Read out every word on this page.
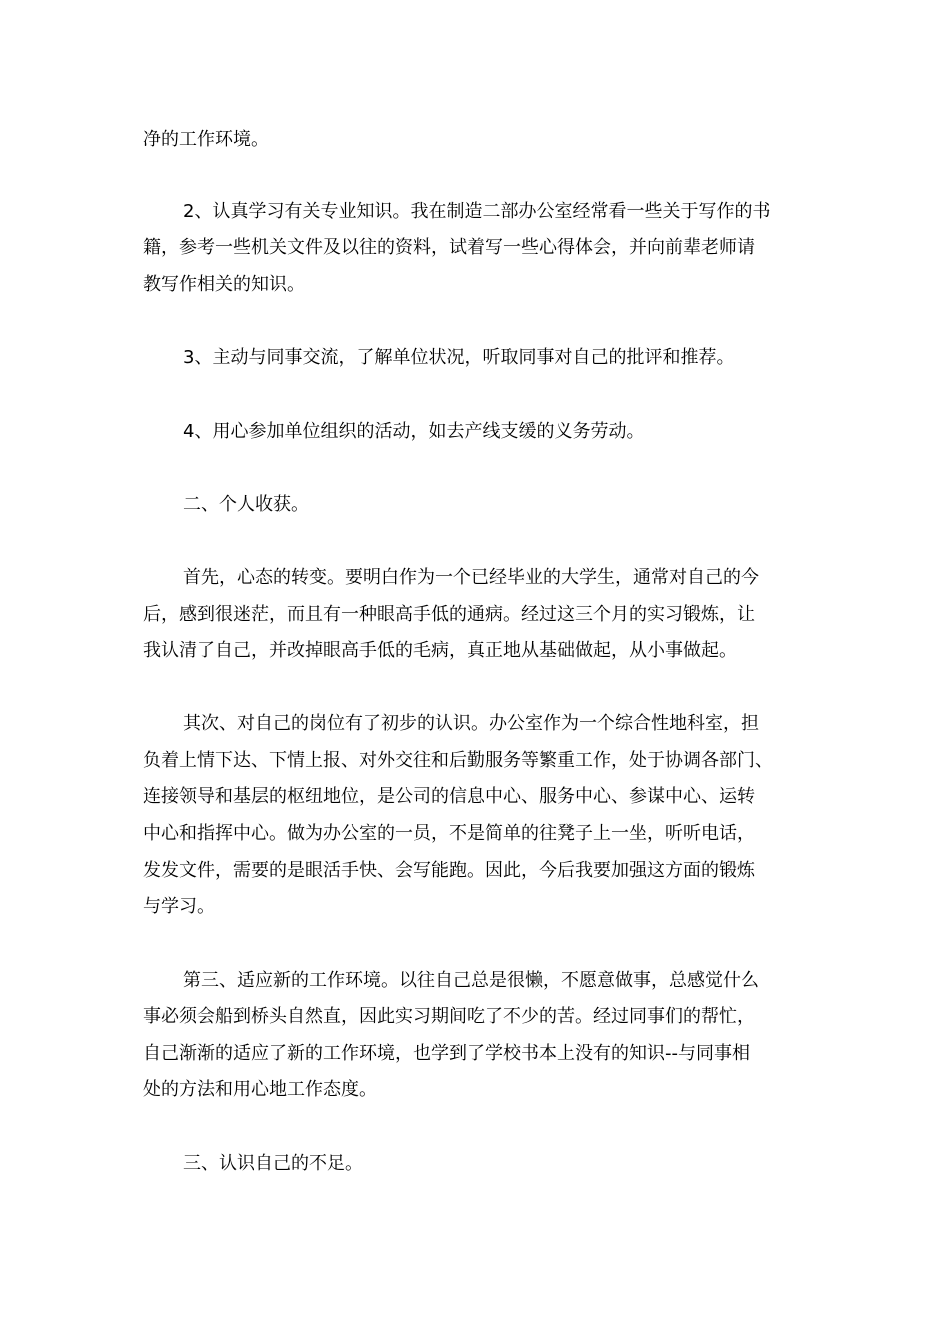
净的工作环境。

2、认真学习有关专业知识。我在制造二部办公室经常看一些关于写作的书

籍，参考一些机关文件及以往的资料，试着写一些心得体会，并向前辈老师请

教写作相关的知识。

3、主动与同事交流，了解单位状况，听取同事对自己的批评和推荐。

4、用心参加单位组织的活动，如去产线支缓的义务劳动。

二、个人收获。

首先，心态的转变。要明白作为一个已经毕业的大学生，通常对自己的今

后，感到很迷茫，而且有一种眼高手低的通病。经过这三个月的实习锻炼，让

我认清了自己，并改掉眼高手低的毛病，真正地从基础做起，从小事做起。

其次、对自己的岗位有了初步的认识。办公室作为一个综合性地科室，担

负着上情下达、下情上报、对外交往和后勤服务等繁重工作，处于协调各部门、

连接领导和基层的枢纽地位，是公司的信息中心、服务中心、参谋中心、运转

中心和指挥中心。做为办公室的一员，不是简单的往凳子上一坐，听听电话，

发发文件，需要的是眼活手快、会写能跑。因此，今后我要加强这方面的锻炼

与学习。

第三、适应新的工作环境。以往自己总是很懒，不愿意做事，总感觉什么

事必须会船到桥头自然直，因此实习期间吃了不少的苦。经过同事们的帮忙，

自己渐渐的适应了新的工作环境，也学到了学校书本上没有的知识--与同事相

处的方法和用心地工作态度。

三、认识自己的不足。
